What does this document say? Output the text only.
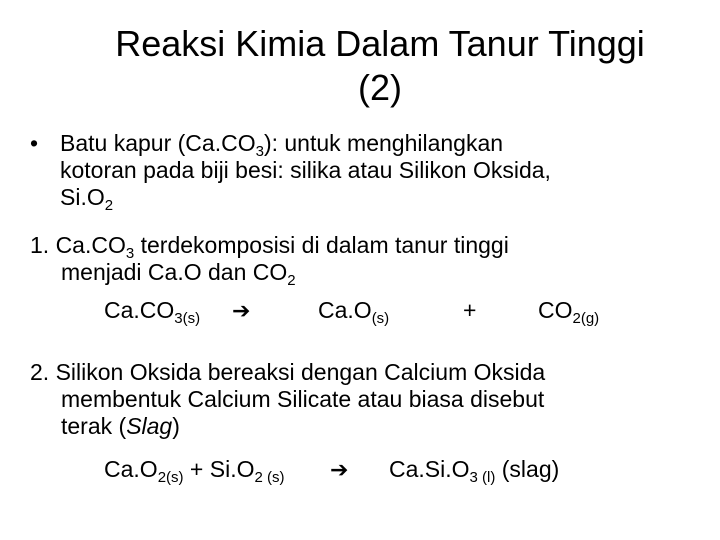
Reaksi Kimia Dalam Tanur Tinggi
(2)
• Batu kapur $(Ca.CO_3)$: untuk menghilangkan
kotoran pada biji besi: silika atau Silikon Oksida,
$Si.O_2$
1. $Ca.CO_3$ terdekomposisi di dalam tanur tinggi
menjadi Ca.O dan $CO_2$
$Ca.CO_{3(s)}$ ➔	$Ca.O_{(s)}$	+	$CO_{2(g)}$
2. Silikon Oksida bereaksi dengan Calcium Oksida
membentuk Calcium Silicate atau biasa disebut
terak (Slag)
$Ca.O_{2(s)} + Si.O_{2 (s)}$ ➔ $Ca.Si.O_{3 (l)}$ (slag)
